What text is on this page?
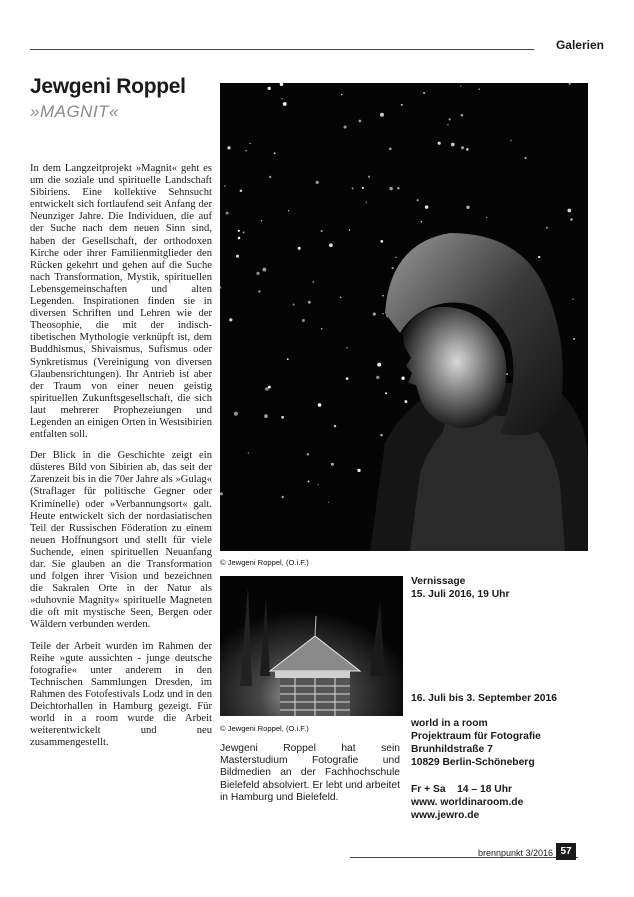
Galerien
Jewgeni Roppel
»MAGNIT«

In dem Langzeitprojekt »Magnit« geht es um die soziale und spirituelle Landschaft Sibiriens. Eine kollektive Sehnsucht entwickelt sich fortlaufend seit Anfang der Neunziger Jahre. Die Individuen, die auf der Suche nach dem neuen Sinn sind, haben der Gesellschaft, der orthodoxen Kirche oder ihrer Familienmitglieder den Rücken gekehrt und gehen auf die Suche nach Transformation, Mystik, spirituellen Lebensgemeinschaften und alten Legenden. Inspirationen finden sie in diversen Schriften und Lehren wie der Theosophie, die mit der indisch-tibetischen Mythologie verknüpft ist, dem Buddhismus, Shivaismus, Sufismus oder Synkretismus (Vereinigung von diversen Glaubensrichtungen). Ihr Antrieb ist aber der Traum von einer neuen geistig spirituellen Zukunftsgesellschaft, die sich laut mehrerer Prophezeiungen und Legenden an einigen Orten in Westsibirien entfalten soll.

Der Blick in die Geschichte zeigt ein düsteres Bild von Sibirien ab, das seit der Zarenzeit bis in die 70er Jahre als »Gulag« (Straflager für politische Gegner oder Kriminelle) oder »Verbannungsort« galt. Heute entwickelt sich der nordasiatischen Teil der Russischen Föderation zu einem neuen Hoffnungsort und stellt für viele Suchende, einen spirituellen Neuanfang dar. Sie glauben an die Transformation und folgen ihrer Vision und bezeichnen die Sakralen Orte in der Natur als »duhovnie Magnity« spirituelle Magneten die oft mit mystische Seen, Bergen oder Wäldern verbunden werden.

Teile der Arbeit wurden im Rahmen der Reihe »gute aussichten - junge deutsche fotografie« unter anderem in den Technischen Sammlungen Dresden, im Rahmen des Fotofestivals Lodz und in den Deichtorhallen in Hamburg gezeigt. Für world in a room wurde die Arbeit weiterentwickelt und neu zusammengestellt.

© Jewgeni Roppel, (O.i.F.)
© Jewgeni Roppel, (O.i.F.)
Jewgeni Roppel hat sein Masterstudium Fotografie und Bildmedien an der Fachhochschule Bielefeld absolviert. Er lebt und arbeitet in Hamburg und Bielefeld.
Vernissage
15. Juli 2016, 19 Uhr
16. Juli bis 3. September 2016
world in a room
Projektraum für Fotografie
Brunhildstraße 7
10829 Berlin-Schöneberg
Fr + Sa    14 – 18 Uhr
www. worldinaroom.de
www.jewro.de
brennpunkt 3/2016 57
